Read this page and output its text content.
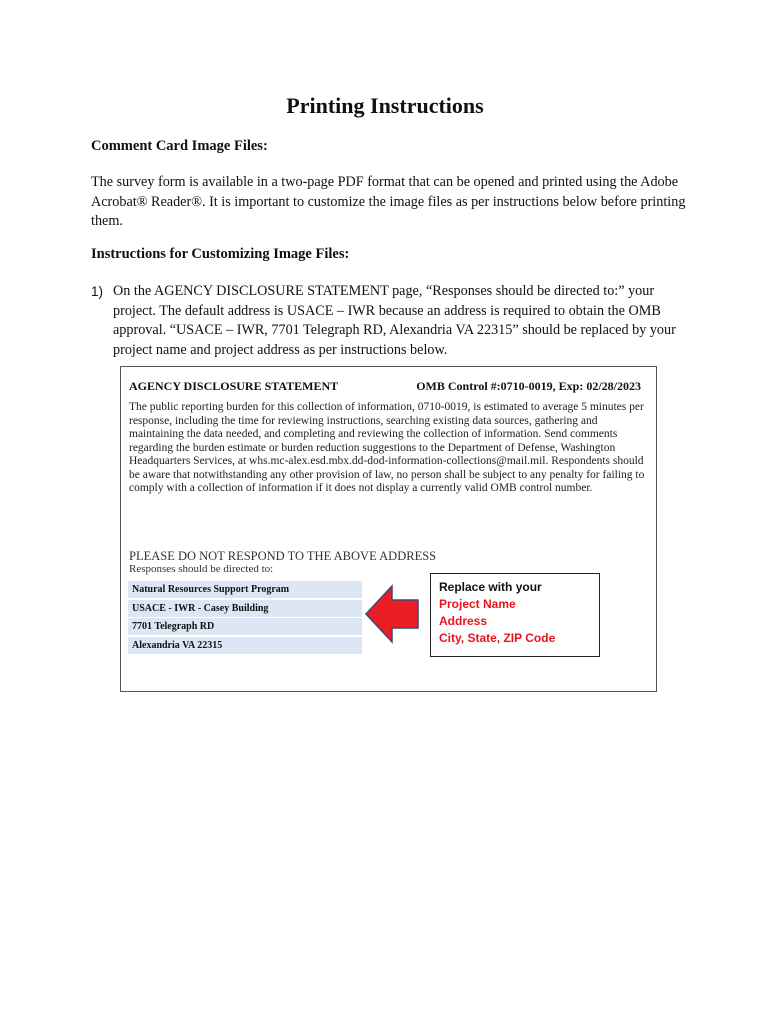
Printing Instructions
Comment Card Image Files:

The survey form is available in a two-page PDF format that can be opened and printed using the Adobe Acrobat® Reader®. It is important to customize the image files as per instructions below before printing them.

Instructions for Customizing Image Files:
1) On the AGENCY DISCLOSURE STATEMENT page, “Responses should be directed to:” your project. The default address is USACE – IWR because an address is required to obtain the OMB approval. “USACE – IWR, 7701 Telegraph RD, Alexandria VA 22315” should be replaced by your project name and project address as per instructions below.
AGENCY DISCLOSURE STATEMENT	OMB Control #:0710-0019, Exp: 02/28/2023
The public reporting burden for this collection of information, 0710-0019, is estimated to average 5 minutes per response, including the time for reviewing instructions, searching existing data sources, gathering and maintaining the data needed, and completing and reviewing the collection of information. Send comments regarding the burden estimate or burden reduction suggestions to the Department of Defense, Washington Headquarters Services, at whs.mc-alex.esd.mbx.dd-dod-information-collections@mail.mil. Respondents should be aware that notwithstanding any other provision of law, no person shall be subject to any penalty for failing to comply with a collection of information if it does not display a currently valid OMB control number.
PLEASE DO NOT RESPOND TO THE ABOVE ADDRESS
Responses should be directed to:
Natural Resources Support Program
USACE - IWR - Casey Building
7701 Telegraph RD
Alexandria VA 22315
Replace with your
Project Name
Address
City, State, ZIP Code
